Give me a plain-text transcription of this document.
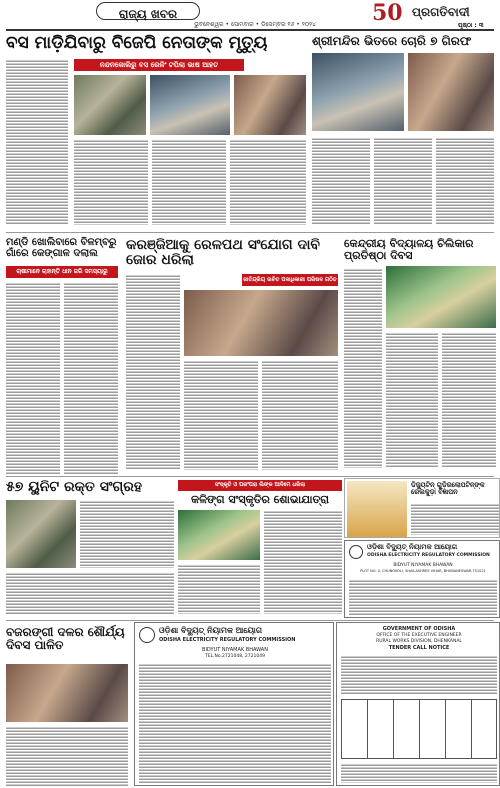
ରାଜ୍ୟ ଖବର
ଭୁବନେଶ୍ୱର • ସୋମବାର • ଡିସେମ୍ବର ୧୬ • ୨୦୨୪	50 ପ୍ରଗତିବାଦୀ
ପୃଷ୍ଠା : ୩
ବସ ମାଡ଼ିଯିବାରୁ ବିଜେପି ନେତାଙ୍କ ମୃତ୍ୟୁ
ନନ୍ଦନକୋଲିରୁ ବସ ରେଳିଂ ଟପିଲା ଭାଷ ଆହତ
ଶ୍ରୀମନ୍ଦିର ଭିତରେ ଚୋରି ୭ ଗିରଫ
ମଣ୍ଡି ଖୋଲିବାରେ ବିଳମ୍ବରୁ ଗାଁରେ କେଙ୍ଗାଳ ଦଲାଲ
ଚାଷୀମାନେ ଚାହାନ୍ତି ଧାନ ଜରି ସମସ୍ୟାରୁ
କରଞ୍ଜିଆକୁ ରେଳପଥ ସଂଯୋଗ ଦାବି ଜୋର ଧରିଲା
ଜାତିନ୍ଦ୍ରିୟ ଉଚିତ ପଦାଧିକାରୀ ପରିଷଦ ଗଠିତ
କେନ୍ଦ୍ରୀୟ ବିଦ୍ୟାଳୟ ଚିଲିକାର ପ୍ରତିଷ୍ଠା ଦିବସ
୫୭ ୟୁନିଟ ରକ୍ତ ସଂଗ୍ରହ	ସଂସ୍କୃତି ଓ ପରଂପରା ଲିଙ୍କ ଆଦିମେ ଧରିଲା
କଳିଙ୍ଗ ସଂସ୍କୃତିର ଶୋଭାଯାତ୍ରା
ଡିଜ୍ୟୁଟିନ୍ ଗୁଡ଼ିରଲୋପଟିନ୍ଙ୍କ ରେଲକୁଡ଼ା ବିଜ୍ଞାପନ
ଓଡ଼ିଶା ବିଦ୍ୟୁତ୍ ନିୟାମକ ଆୟୋଗ
ODISHA ELECTRICITY REGULATORY COMMISSION
BIDYUT NIYAMAK BHAWAN
PLOT NO. 4, CHUNOKOLI, SHAILASHREE VIHAR, BHUBANESWAR-751021
ବଜରଙ୍ଗୀ ଦଳର ଶୌର୍ଯ୍ୟ ଦିବସ ପାଳିତ
ଓଡ଼ିଶା ବିଦ୍ୟୁତ୍ ନିୟାମକ ଆୟୋଗ
ODISHA ELECTRICITY REGULATORY COMMISSION
BIDYUT NIYAMAK BHAWAN
TEL.No.2721048, 2721049
GOVERNMENT OF ODISHA
OFFICE OF THE EXECUTIVE ENGINEER
RURAL WORKS DIVISION, DHENKANAL
TENDER CALL NOTICE
